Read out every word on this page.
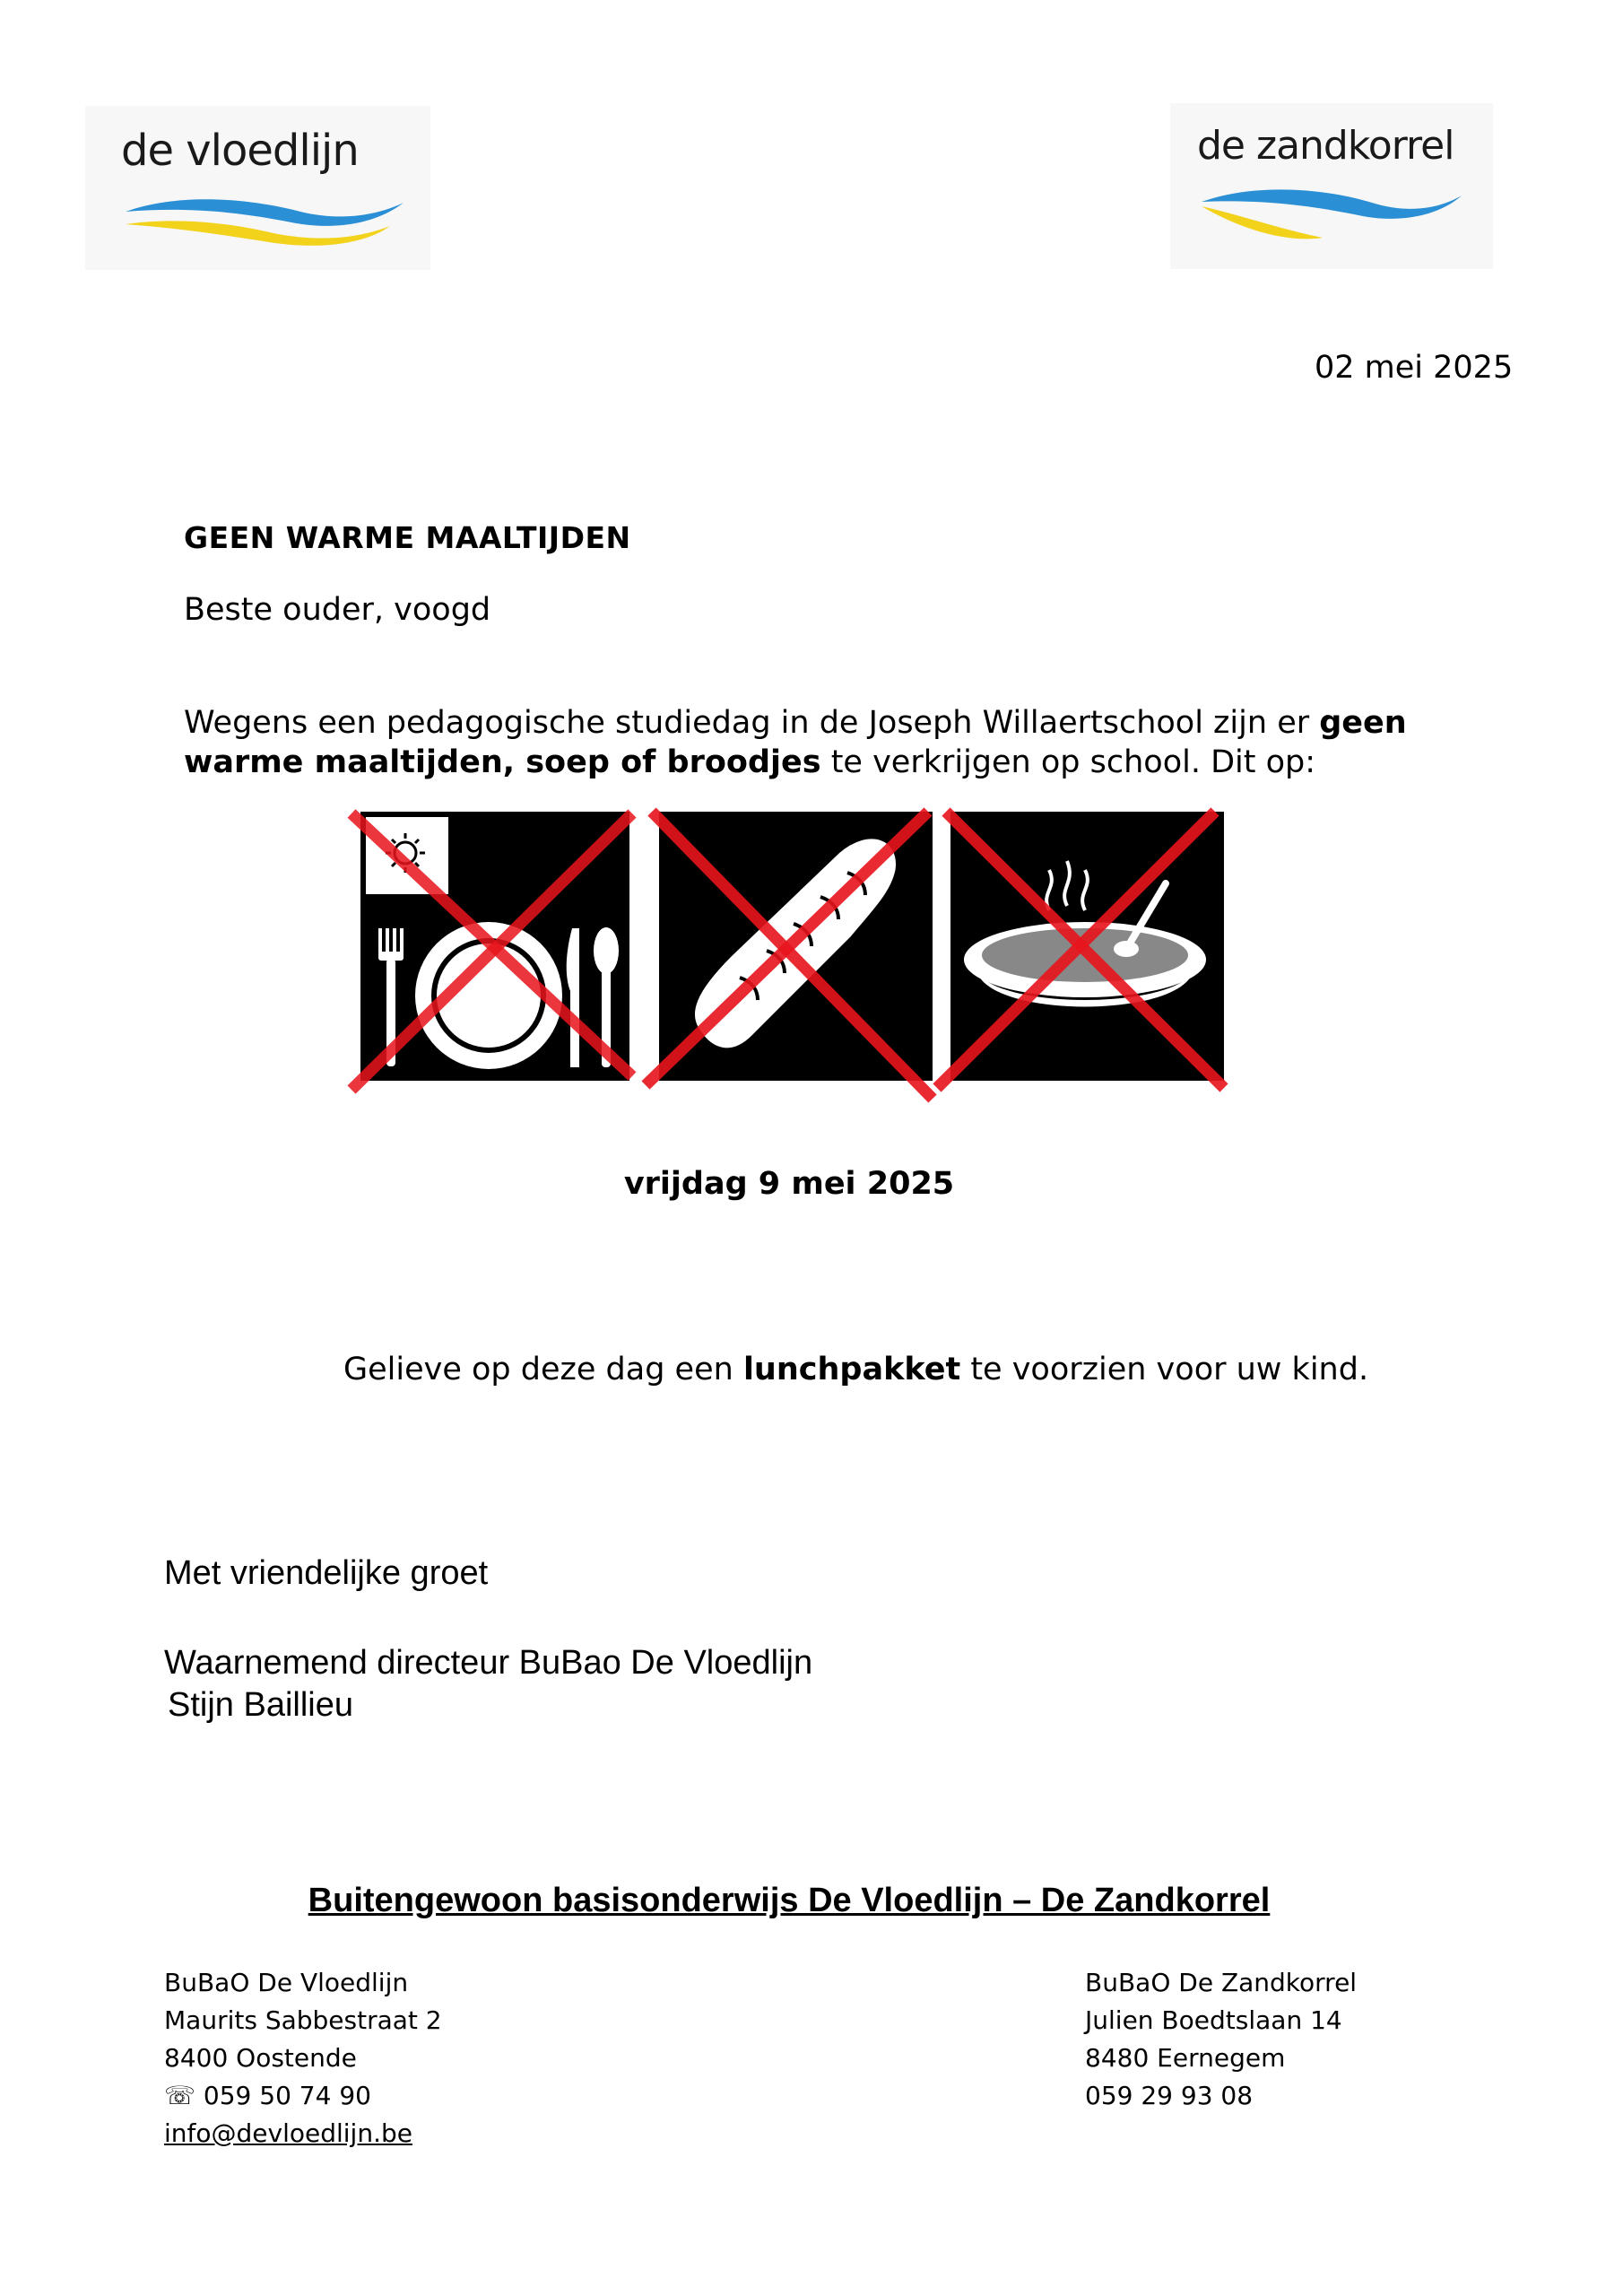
de vloedlijn	de zandkorrel
02 mei 2025
GEEN WARME MAALTIJDEN
Beste ouder, voogd
Wegens een pedagogische studiedag in de Joseph Willaertschool zijn er geen
warme maaltijden, soep of broodjes te verkrijgen op school. Dit op:
vrijdag 9 mei 2025
Gelieve op deze dag een lunchpakket te voorzien voor uw kind.
Met vriendelijke groet
Waarnemend directeur BuBao De Vloedlijn
Stijn Baillieu
Buitengewoon basisonderwijs De Vloedlijn – De Zandkorrel
BuBaO De Vloedlijn
Maurits Sabbestraat 2
8400 Oostende
☏ 059 50 74 90
info@devloedlijn.be
BuBaO De Zandkorrel
Julien Boedtslaan 14
8480 Eernegem
059 29 93 08
